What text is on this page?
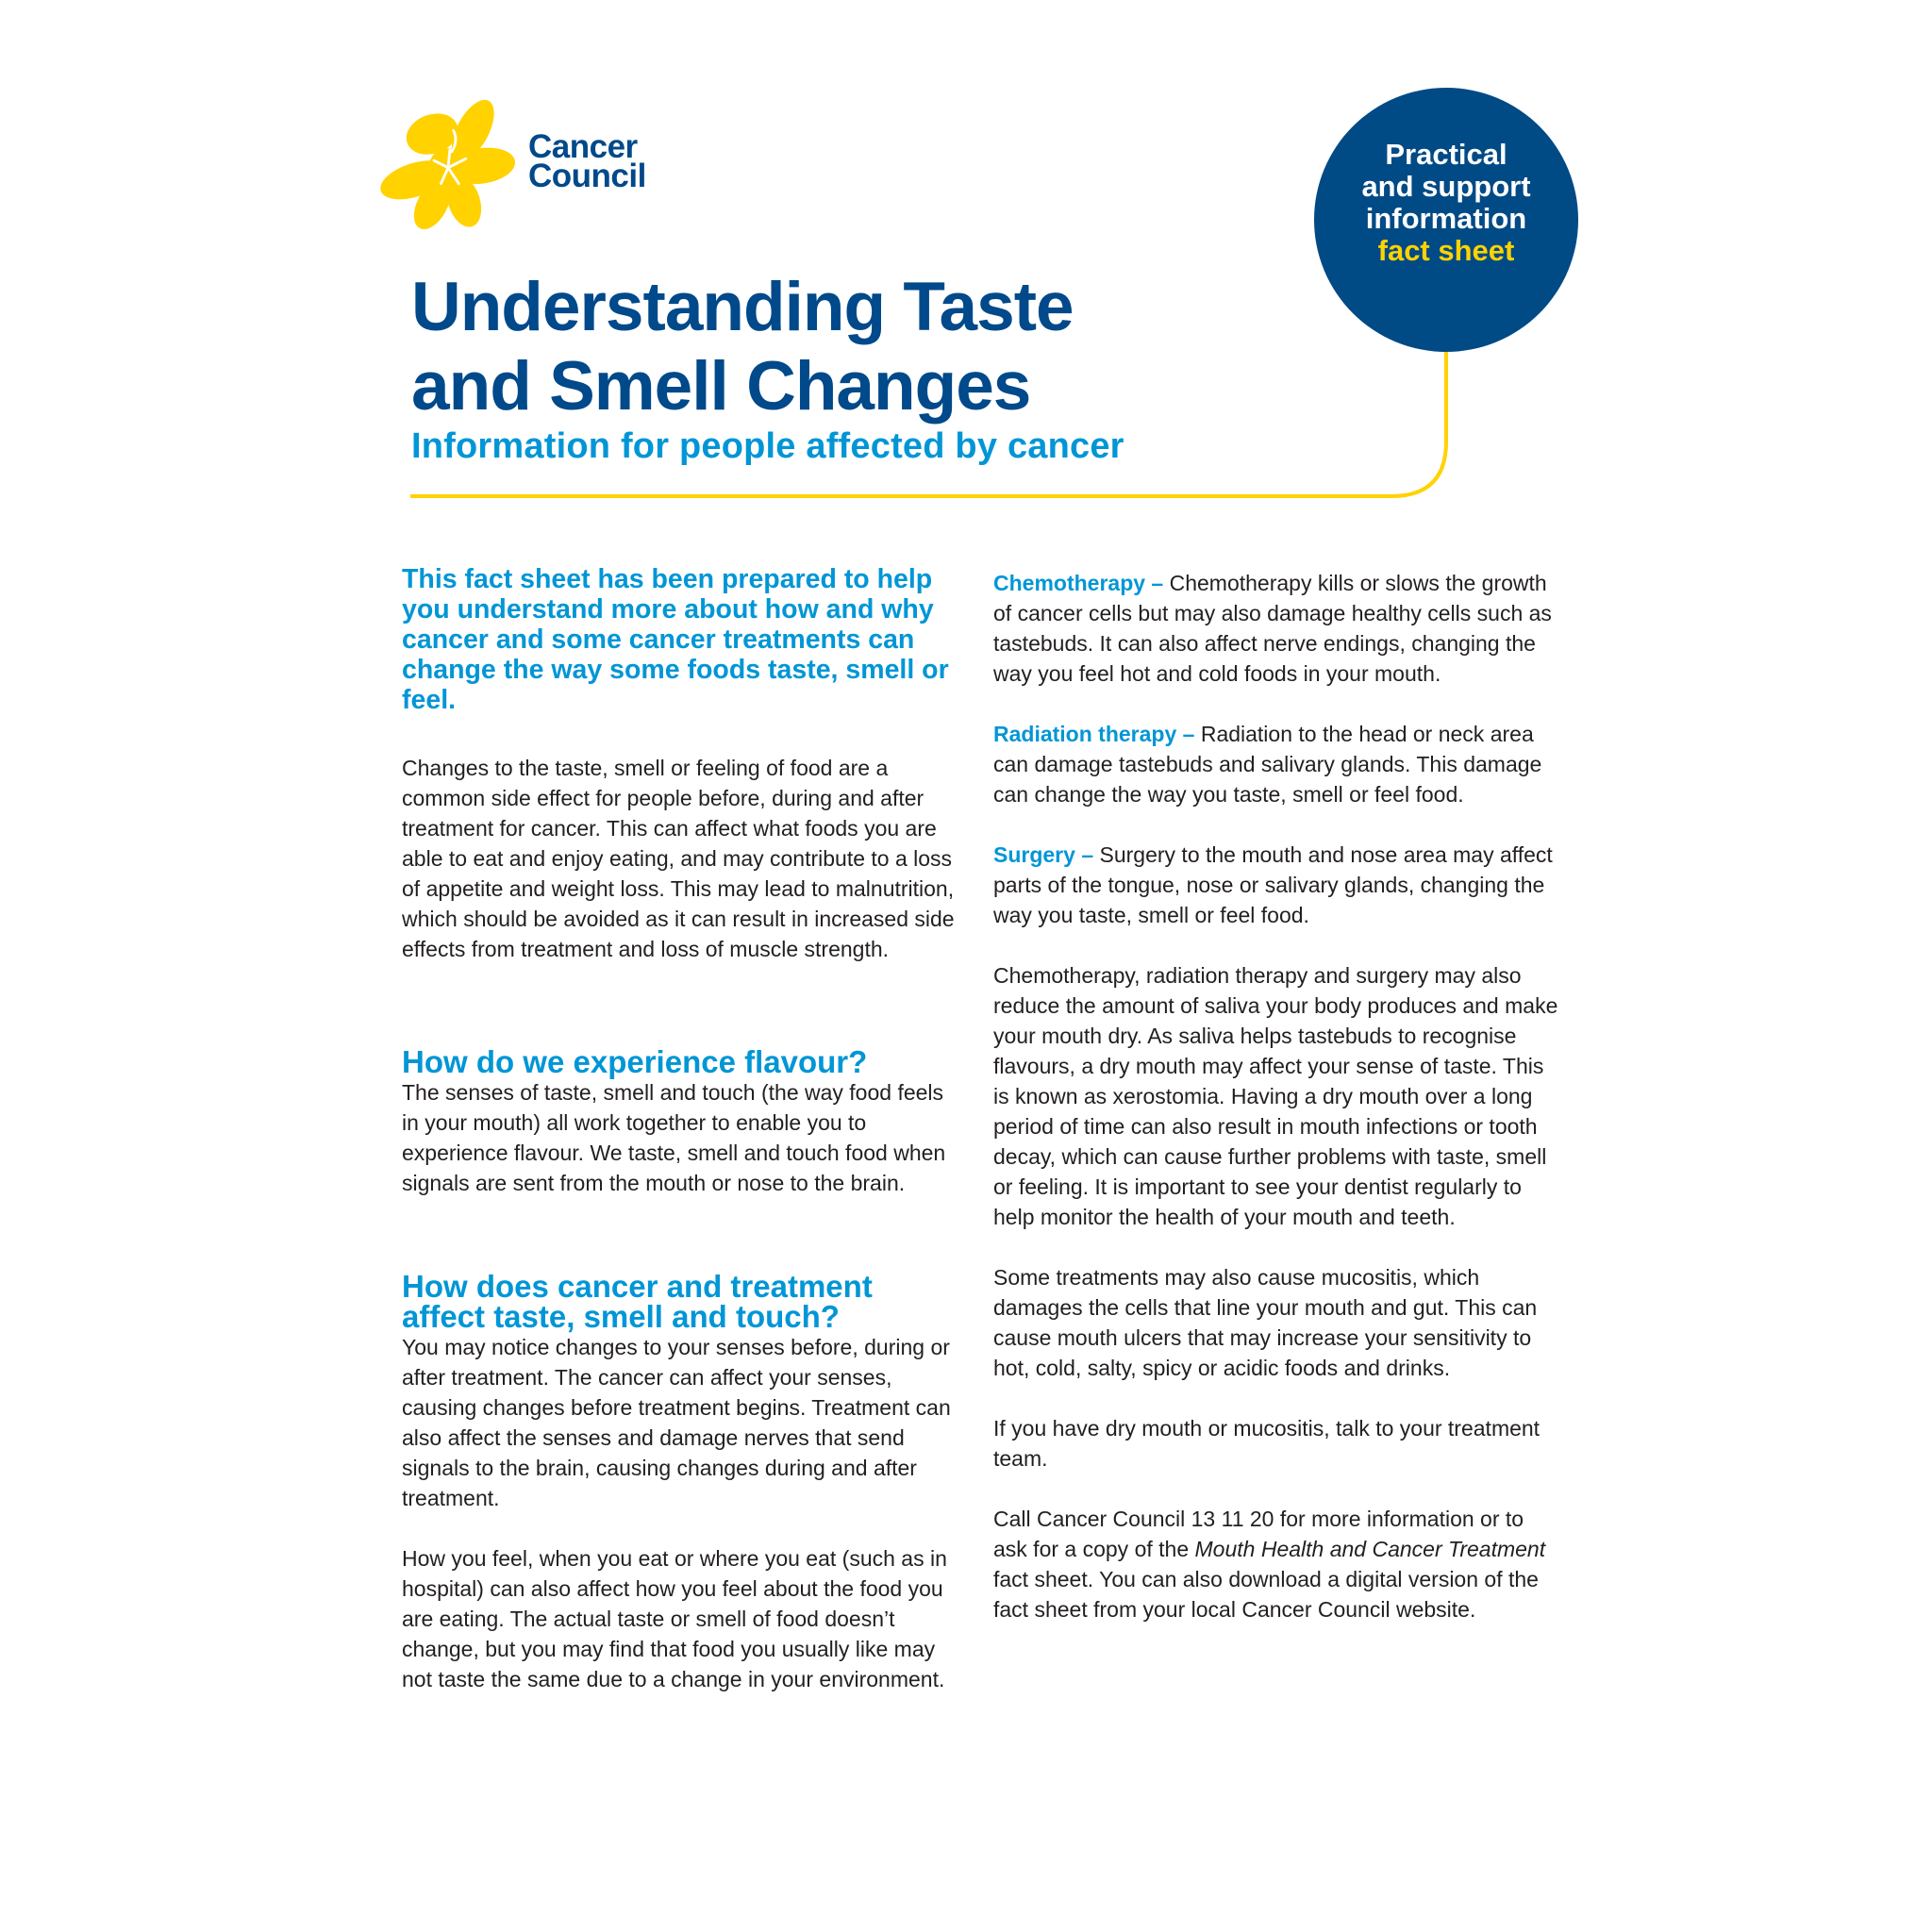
Cancer
Council
Practical
and support
information
fact sheet
Understanding Taste
and Smell Changes
Information for people affected by cancer

This fact sheet has been prepared to help you understand more about how and why cancer and some cancer treatments can change the way some foods taste, smell or feel.

Changes to the taste, smell or feeling of food are a common side effect for people before, during and after treatment for cancer. This can affect what foods you are able to eat and enjoy eating, and may contribute to a loss of appetite and weight loss. This may lead to malnutrition, which should be avoided as it can result in increased side effects from treatment and loss of muscle strength.

How do we experience flavour?

The senses of taste, smell and touch (the way food feels in your mouth) all work together to enable you to experience flavour. We taste, smell and touch food when signals are sent from the mouth or nose to the brain.

How does cancer and treatment affect taste, smell and touch?

You may notice changes to your senses before, during or after treatment. The cancer can affect your senses, causing changes before treatment begins. Treatment can also affect the senses and damage nerves that send signals to the brain, causing changes during and after treatment.

How you feel, when you eat or where you eat (such as in hospital) can also affect how you feel about the food you are eating. The actual taste or smell of food doesn’t change, but you may find that food you usually like may not taste the same due to a change in your environment.

Chemotherapy – Chemotherapy kills or slows the growth of cancer cells but may also damage healthy cells such as tastebuds. It can also affect nerve endings, changing the way you feel hot and cold foods in your mouth.

Radiation therapy – Radiation to the head or neck area can damage tastebuds and salivary glands. This damage can change the way you taste, smell or feel food.

Surgery – Surgery to the mouth and nose area may affect parts of the tongue, nose or salivary glands, changing the way you taste, smell or feel food.

Chemotherapy, radiation therapy and surgery may also reduce the amount of saliva your body produces and make your mouth dry. As saliva helps tastebuds to recognise flavours, a dry mouth may affect your sense of taste. This is known as xerostomia. Having a dry mouth over a long period of time can also result in mouth infections or tooth decay, which can cause further problems with taste, smell or feeling. It is important to see your dentist regularly to help monitor the health of your mouth and teeth.

Some treatments may also cause mucositis, which damages the cells that line your mouth and gut. This can cause mouth ulcers that may increase your sensitivity to hot, cold, salty, spicy or acidic foods and drinks.

If you have dry mouth or mucositis, talk to your treatment team.

Call Cancer Council 13 11 20 for more information or to ask for a copy of the Mouth Health and Cancer Treatment fact sheet. You can also download a digital version of the fact sheet from your local Cancer Council website.
